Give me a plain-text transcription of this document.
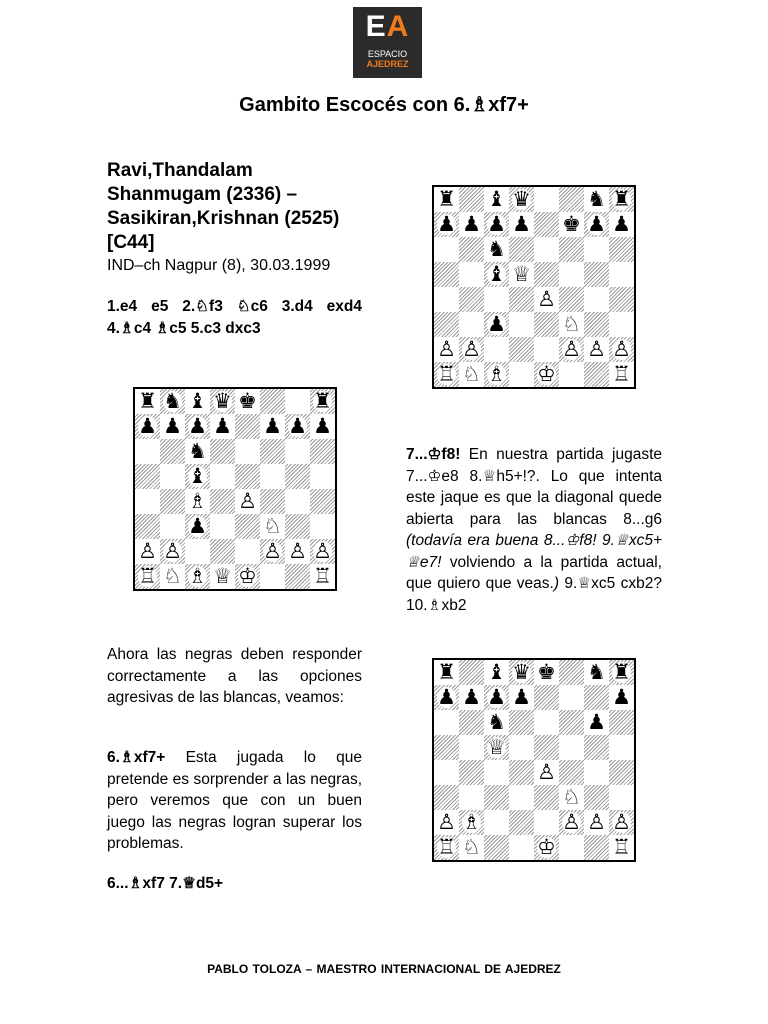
EA
ESPACIO
AJEDREZ
Gambito Escocés con 6.♗xf7+
Ravi,Thandalam
Shanmugam (2336) –
Sasikiran,Krishnan (2525)
[C44]
IND–ch Nagpur (8), 30.03.1999
1.e4 e5 2.♘f3 ♘c6 3.d4 exd4 4.♗c4 ♗c5 5.c3 dxc3
♜ ♞ ♝ ♛ ♚	♜
♟ ♟ ♟ ♟ ♟ ♟ ♟
♞
♝
♗ ♙
♟	♘
♙ ♙	♙ ♙ ♙
♖ ♘ ♗ ♕ ♔	♖
♜ ♝ ♛	♞ ♜
♟ ♟ ♟ ♟ ♚ ♟ ♟
♞
♝ ♕
♙
♟	♘
♙ ♙	♙ ♙ ♙
♖ ♘ ♗ ♔	♖
♜ ♝ ♛ ♚ ♞ ♜
♟ ♟ ♟ ♟	♟
♞	♟
♕
♙
♘
♙ ♗	♙ ♙ ♙
♖ ♘	♔	♖
Ahora las negras deben responder correctamente a las opciones agresivas de las blancas, veamos:
6.♗xf7+ Esta jugada lo que pretende es sorprender a las negras, pero veremos que con un buen juego las negras logran superar los problemas.
6...♗xf7 7.♕d5+
7...♔f8! En nuestra partida jugaste 7...♔e8 8.♕h5+!?. Lo que intenta este jaque es que la diagonal quede abierta para las blancas 8...g6 (todavía era buena 8...♔f8! 9.♕xc5+ ♕e7! volviendo a la partida actual, que quiero que veas.) 9.♕xc5 cxb2? 10.♗xb2
PABLO TOLOZA – MAESTRO INTERNACIONAL DE AJEDREZ
